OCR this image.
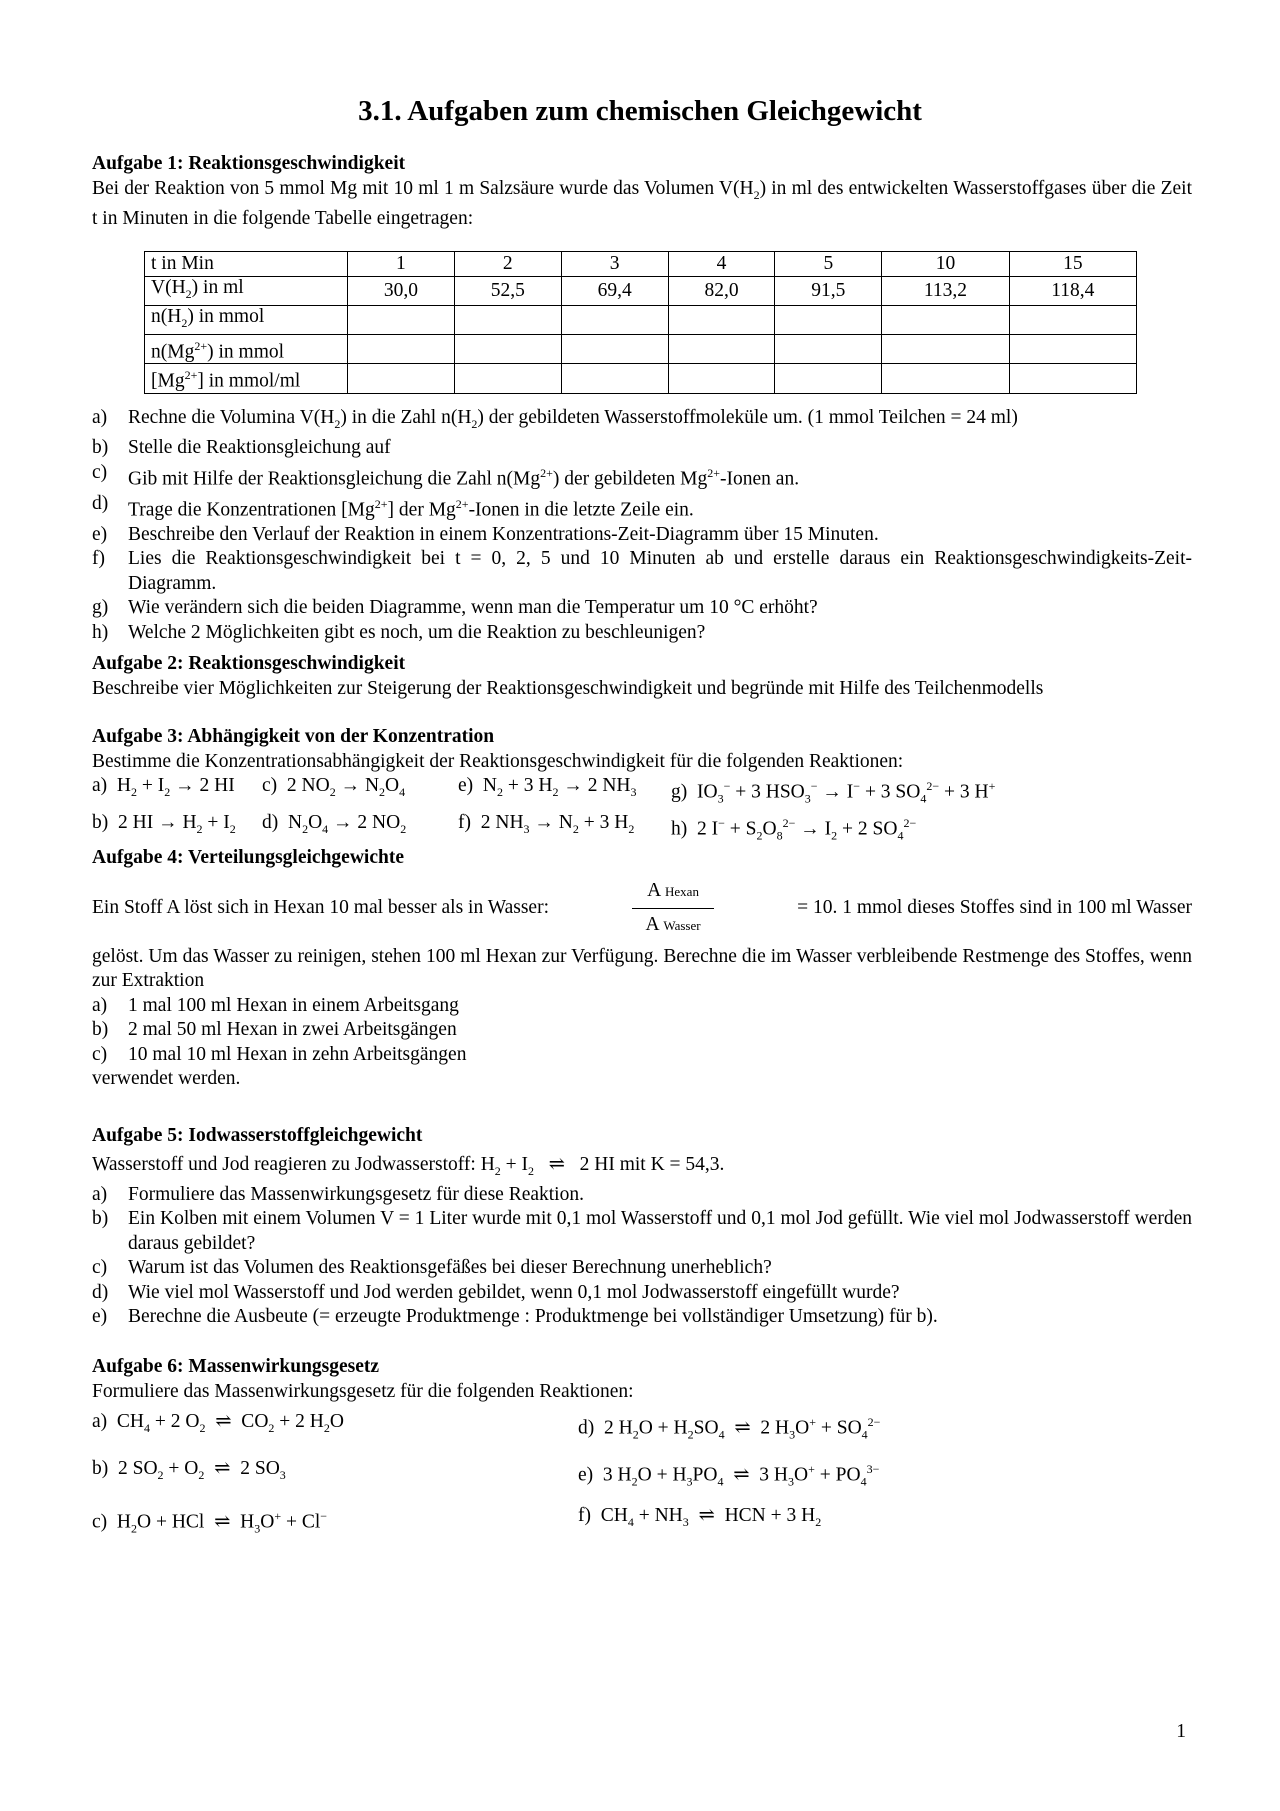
3.1. Aufgaben zum chemischen Gleichgewicht
Aufgabe 1: Reaktionsgeschwindigkeit

Bei der Reaktion von 5 mmol Mg mit 10 ml 1 m Salzsäure wurde das Volumen $V(H_2)$ in ml des entwickelten Wasserstoffgases über die Zeit t in Minuten in die folgende Tabelle eingetragen:

t in Min	1	2	3	4	5	10	15
$V(H_2)$ in ml	30,0	52,5	69,4	82,0	91,5	113,2	118,4
$n(H_2)$ in mmol							
$n(Mg^{2+})$ in mmol							
$[Mg^{2+}]$ in mmol/ml							
a)	Rechne die Volumina $V(H_2)$ in die Zahl $n(H_2)$ der gebildeten Wasserstoffmoleküle um. (1 mmol Teilchen = 24 ml)
b)	Stelle die Reaktionsgleichung auf
c)	Gib mit Hilfe der Reaktionsgleichung die Zahl $n(Mg^{2+})$ der gebildeten $Mg^{2+}$-Ionen an.
d)	Trage die Konzentrationen $[Mg^{2+}]$ der $Mg^{2+}$-Ionen in die letzte Zeile ein.
e)	Beschreibe den Verlauf der Reaktion in einem Konzentrations-Zeit-Diagramm über 15 Minuten.
f)	Lies die Reaktionsgeschwindigkeit bei t = 0, 2, 5 und 10 Minuten ab und erstelle daraus ein Reaktionsgeschwindigkeits-Zeit-Diagramm.
g)	Wie verändern sich die beiden Diagramme, wenn man die Temperatur um 10 °C erhöht?
h)	Welche 2 Möglichkeiten gibt es noch, um die Reaktion zu beschleunigen?
Aufgabe 2: Reaktionsgeschwindigkeit

Beschreibe vier Möglichkeiten zur Steigerung der Reaktionsgeschwindigkeit und begründe mit Hilfe des Teilchenmodells

Aufgabe 3: Abhängigkeit von der Konzentration

Bestimme die Konzentrationsabhängigkeit der Reaktionsgeschwindigkeit für die folgenden Reaktionen:

a)  $H_2 + I_2 \to 2$ HI	c)  2 $NO_2 \to N_2O_4$	e)  $N_2 + 3$ $H_2 \to 2$ $NH_3$	g)  $IO_3^- + 3$ $HSO_3^- \to I^- + 3$ $SO_4^{2-} + 3$ H+
b)  2 HI → $H_2 + I_2$	d)  $N_2O_4 \to 2$ $NO_2$	f)  2 $NH_3 \to N_2 + 3$ $H_2$	h)  2 $I^- + S_2O_8^{2-} \to I_2 + 2$ $SO_4^{2-}$
Aufgabe 4: Verteilungsgleichgewichte
Ein Stoff A löst sich in Hexan 10 mal besser als in Wasser:	$\frac{\text{A Hexan}}{\text{A Wasser}}$	= 10. 1 mmol dieses Stoffes sind in 100 ml Wasser

gelöst. Um das Wasser zu reinigen, stehen 100 ml Hexan zur Verfügung. Berechne die im Wasser verbleibende Restmenge des Stoffes, wenn zur Extraktion

a)	1 mal 100 ml Hexan in einem Arbeitsgang
b)	2 mal 50 ml Hexan in zwei Arbeitsgängen
c)	10 mal 10 ml Hexan in zehn Arbeitsgängen

verwendet werden.

Aufgabe 5: Iodwasserstoffgleichgewicht

Wasserstoff und Jod reagieren zu Jodwasserstoff: $H_2 + I_2$   ⇌   2 HI mit K = 54,3.

a)	Formuliere das Massenwirkungsgesetz für diese Reaktion.
b)	Ein Kolben mit einem Volumen V = 1 Liter wurde mit 0,1 mol Wasserstoff und 0,1 mol Jod gefüllt. Wie viel mol Jodwasserstoff werden daraus gebildet?
c)	Warum ist das Volumen des Reaktionsgefäßes bei dieser Berechnung unerheblich?
d)	Wie viel mol Wasserstoff und Jod werden gebildet, wenn 0,1 mol Jodwasserstoff eingefüllt wurde?
e)	Berechne die Ausbeute (= erzeugte Produktmenge : Produktmenge bei vollständiger Umsetzung) für b).
Aufgabe 6: Massenwirkungsgesetz

Formuliere das Massenwirkungsgesetz für die folgenden Reaktionen:

a)  $CH_4 + 2$ $O_2$  ⇌  $CO_2 + 2$ $H_2O$	d)  2 $H_2O + H_2SO_4$  ⇌  2 $H_3O^+ + SO_4^{2-}$
b)  2 $SO_2 + O_2$  ⇌  2 $SO_3$	e)  3 $H_2O + H_3PO_4$  ⇌  3 $H_3O^+ + PO_4^{3-}$
c)  $H_2O$ + HCl  ⇌  $H_3O^+ + Cl^-$	f)  $CH_4 + NH_3$  ⇌  HCN + 3 $H_2$
1
